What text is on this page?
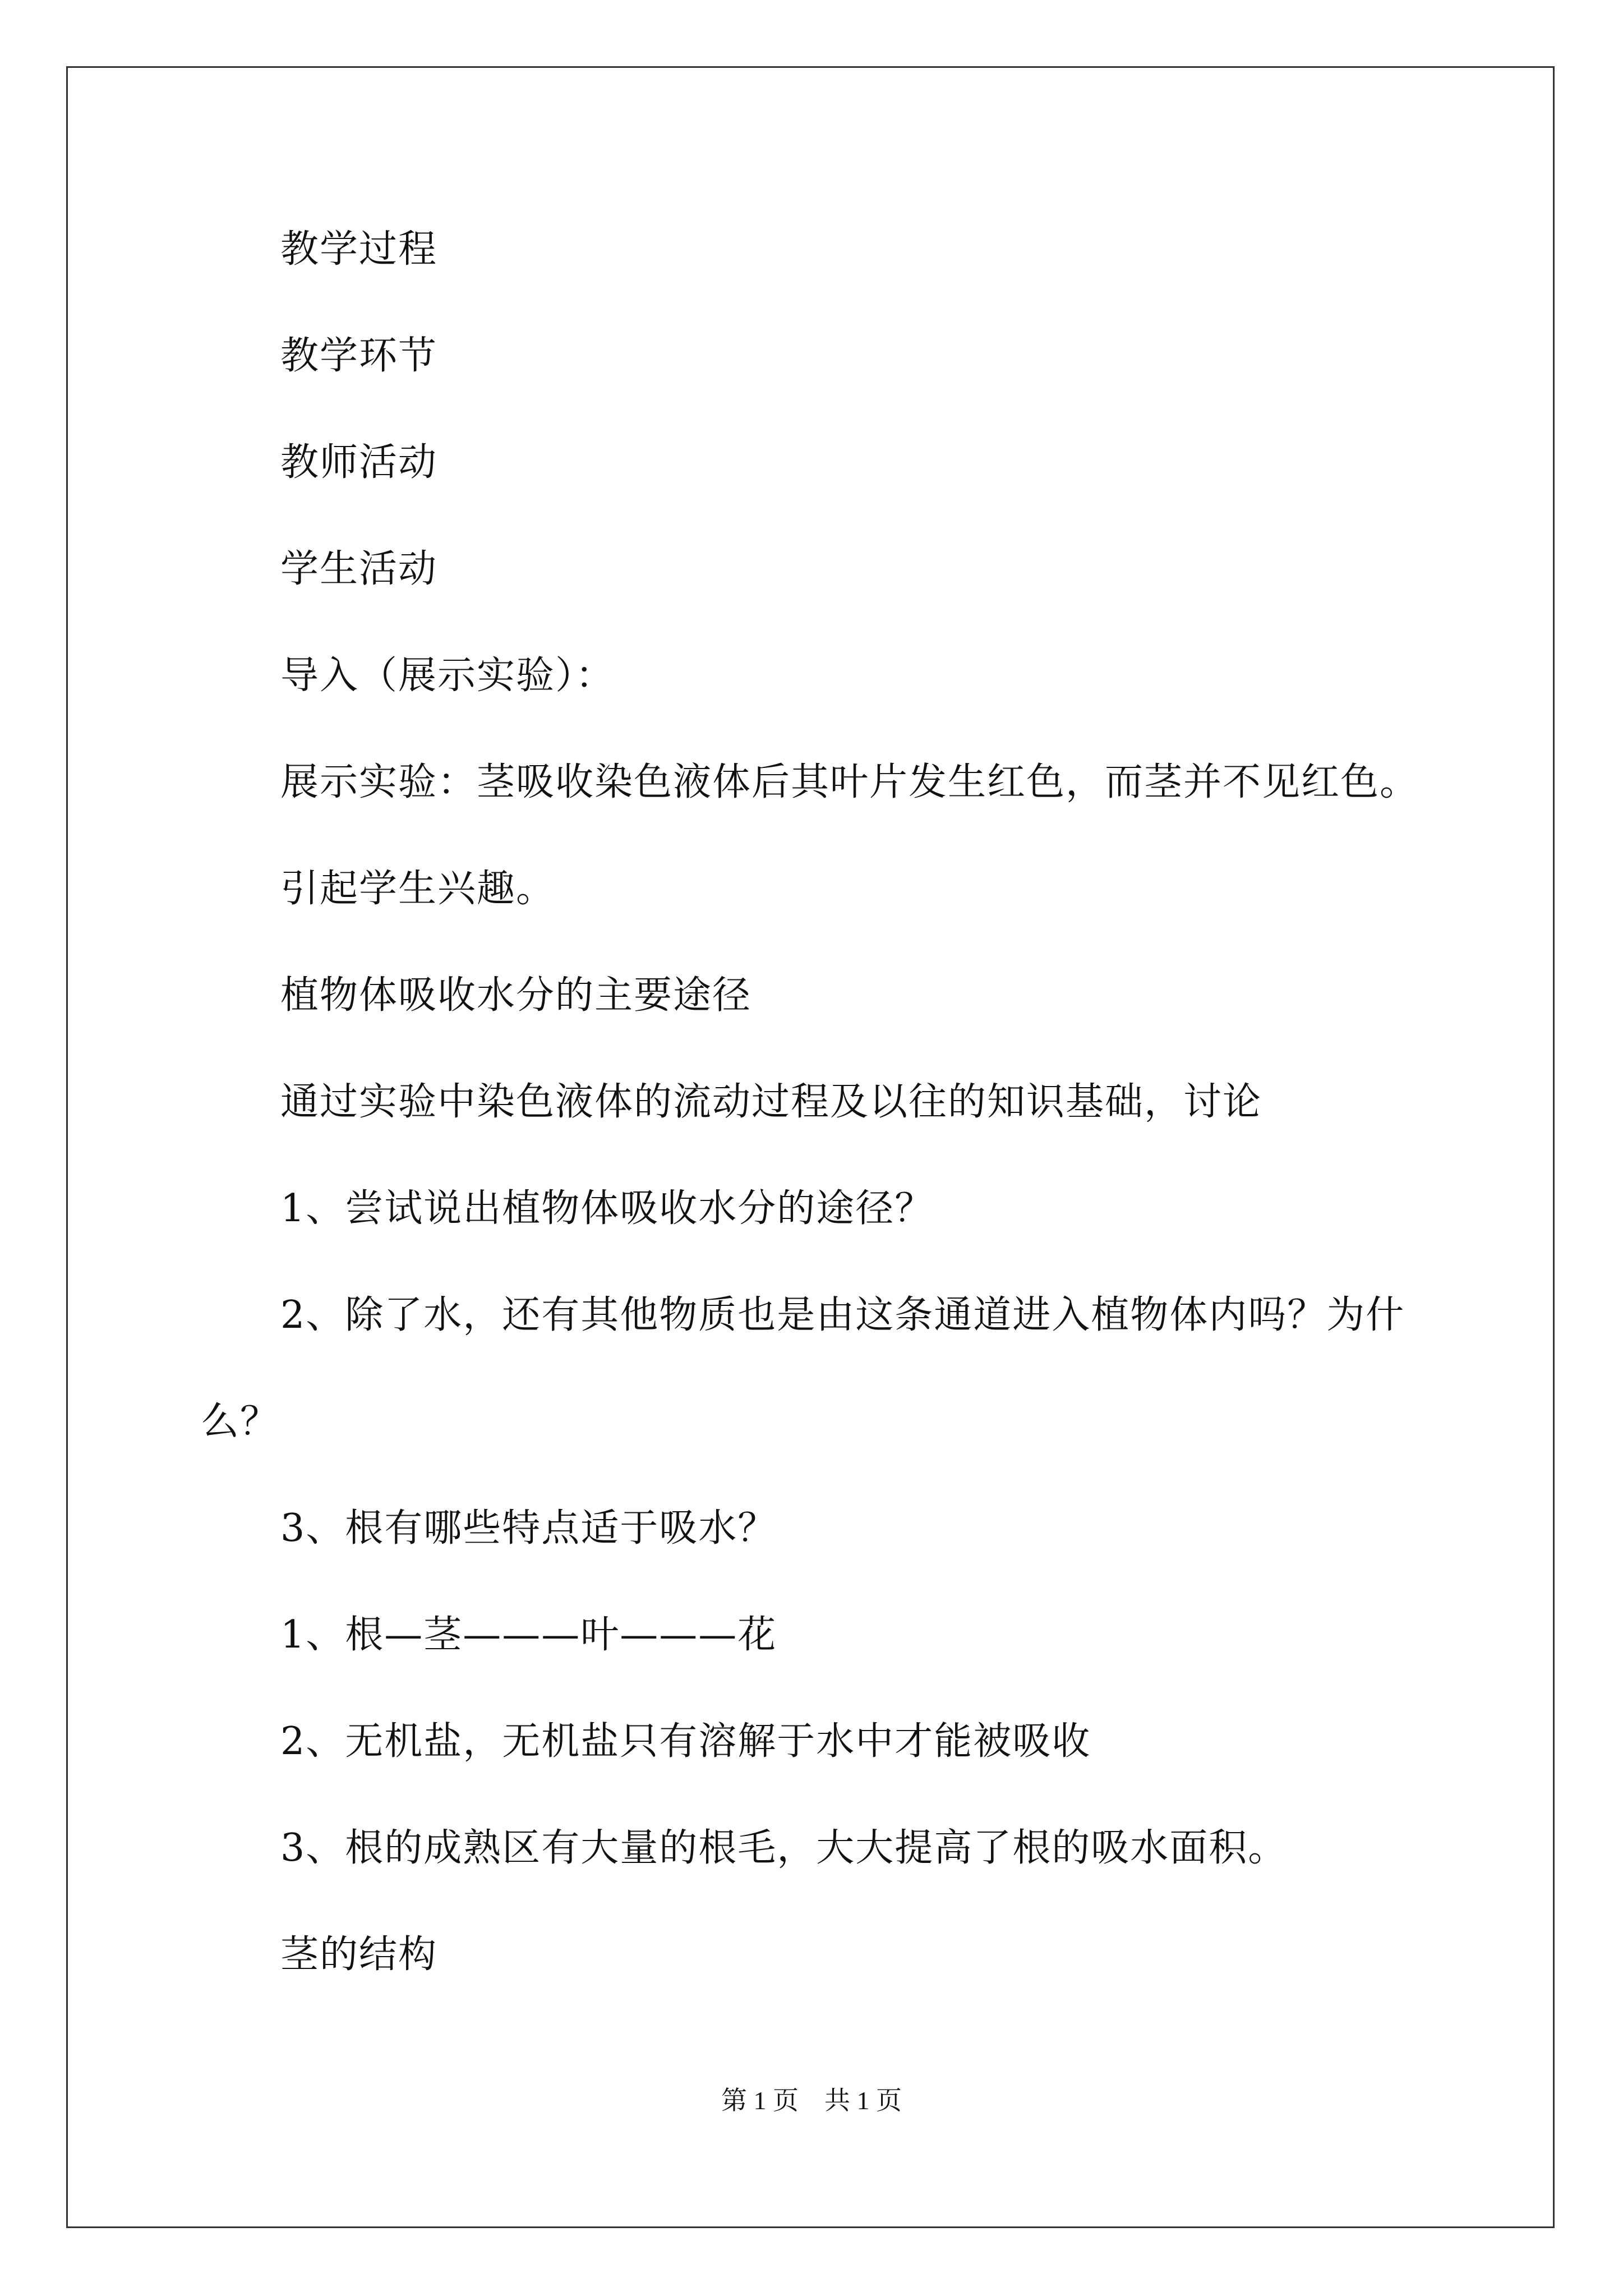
教学过程
教学环节
教师活动
学生活动
导入（展示实验）：
展示实验：茎吸收染色液体后其叶片发生红色，而茎并不见红色。
引起学生兴趣。
植物体吸收水分的主要途径
通过实验中染色液体的流动过程及以往的知识基础，讨论
1、尝试说出植物体吸收水分的途径？
2、除了水，还有其他物质也是由这条通道进入植物体内吗？为什
么？
3、根有哪些特点适于吸水？
1、根—茎———叶———花
2、无机盐，无机盐只有溶解于水中才能被吸收
3、根的成熟区有大量的根毛，大大提高了根的吸水面积。
茎的结构
第 1 页    共 1 页
